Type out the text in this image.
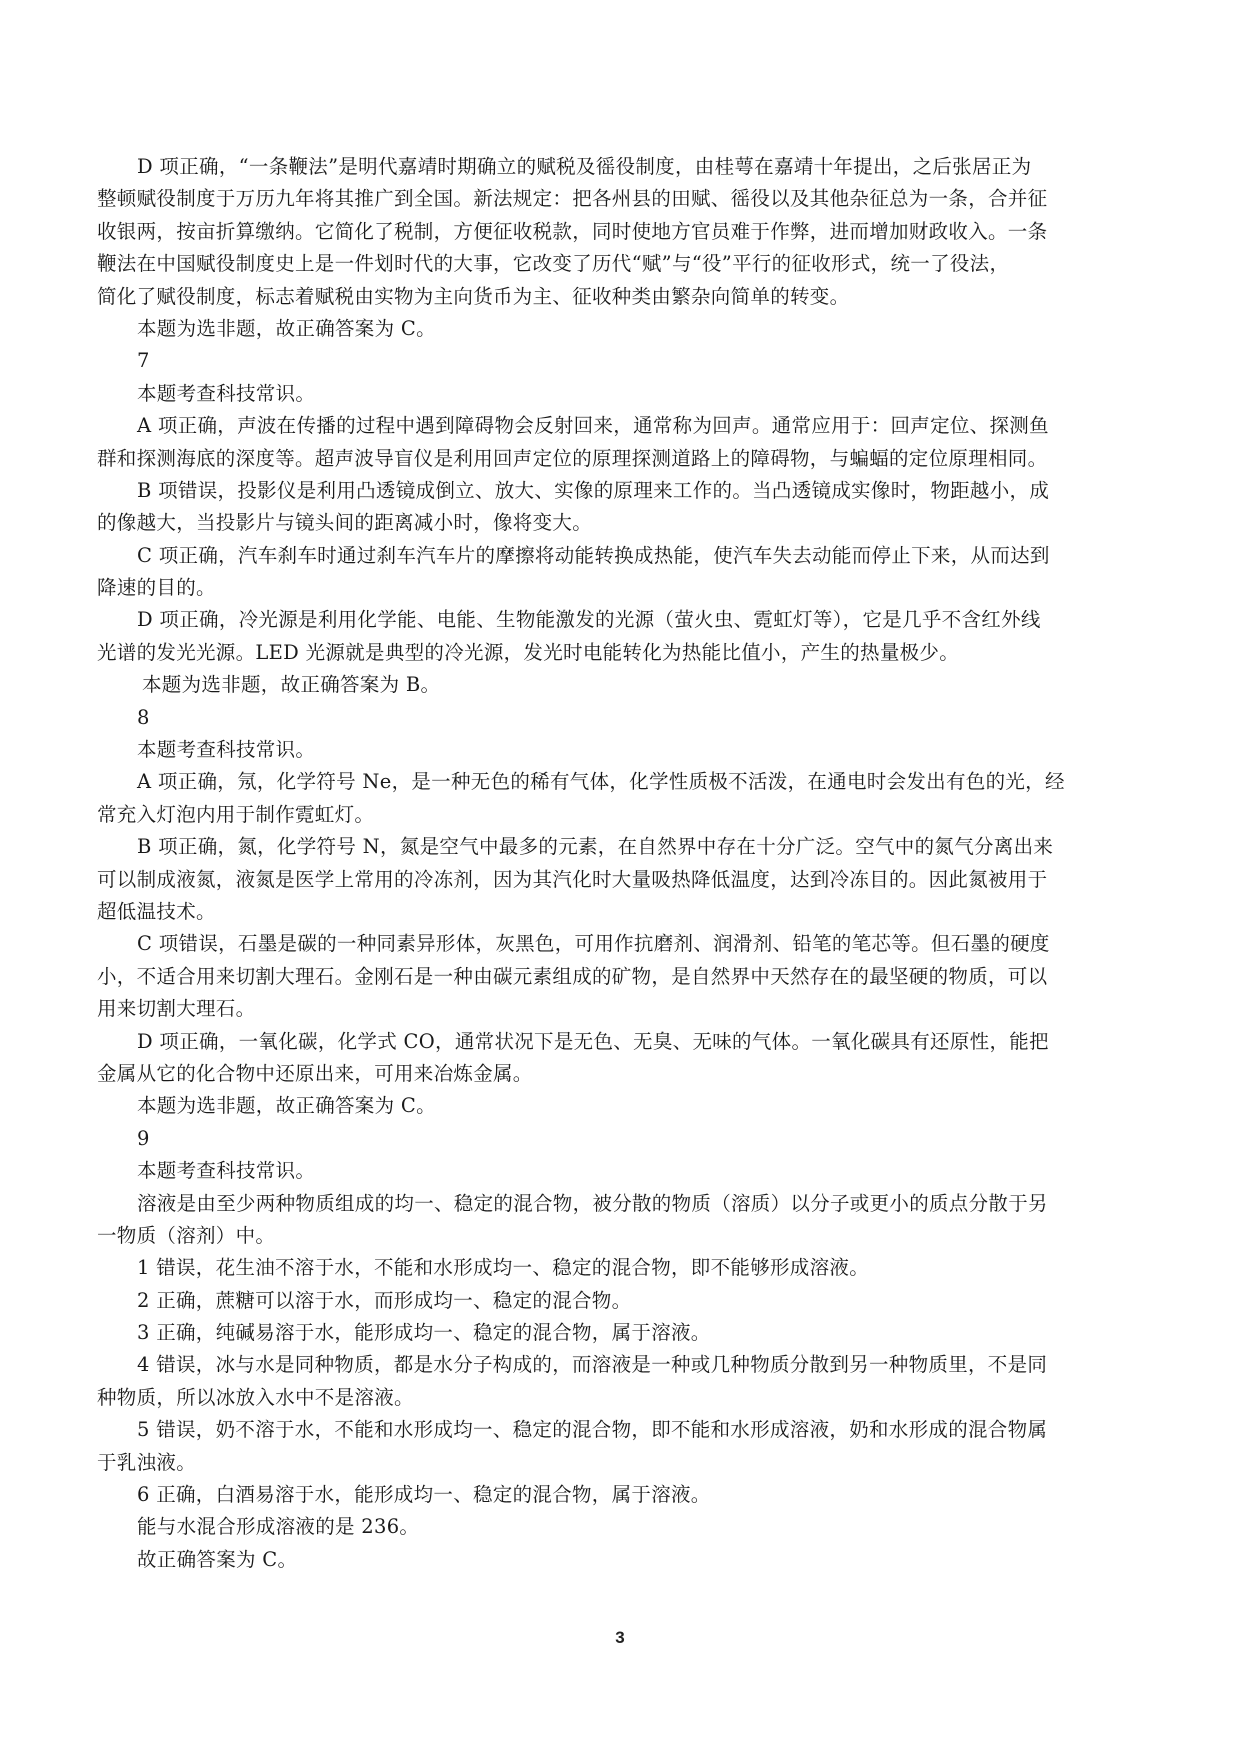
D 项正确，“一条鞭法”是明代嘉靖时期确立的赋税及徭役制度，由桂萼在嘉靖十年提出，之后张居正为
整顿赋役制度于万历九年将其推广到全国。新法规定：把各州县的田赋、徭役以及其他杂征总为一条，合并征
收银两，按亩折算缴纳。它简化了税制，方便征收税款，同时使地方官员难于作弊，进而增加财政收入。一条
鞭法在中国赋役制度史上是一件划时代的大事，它改变了历代“赋”与“役”平行的征收形式，统一了役法，
简化了赋役制度，标志着赋税由实物为主向货币为主、征收种类由繁杂向简单的转变。
本题为选非题，故正确答案为 C。
7
本题考查科技常识。
A 项正确，声波在传播的过程中遇到障碍物会反射回来，通常称为回声。通常应用于：回声定位、探测鱼
群和探测海底的深度等。超声波导盲仪是利用回声定位的原理探测道路上的障碍物，与蝙蝠的定位原理相同。
B 项错误，投影仪是利用凸透镜成倒立、放大、实像的原理来工作的。当凸透镜成实像时，物距越小，成
的像越大，当投影片与镜头间的距离减小时，像将变大。
C 项正确，汽车刹车时通过刹车汽车片的摩擦将动能转换成热能，使汽车失去动能而停止下来，从而达到
降速的目的。
D 项正确，冷光源是利用化学能、电能、生物能激发的光源（萤火虫、霓虹灯等），它是几乎不含红外线
光谱的发光光源。LED 光源就是典型的冷光源，发光时电能转化为热能比值小，产生的热量极少。
本题为选非题，故正确答案为 B。
8
本题考查科技常识。
A 项正确，氖，化学符号 Ne，是一种无色的稀有气体，化学性质极不活泼，在通电时会发出有色的光，经
常充入灯泡内用于制作霓虹灯。
B 项正确，氮，化学符号 N，氮是空气中最多的元素，在自然界中存在十分广泛。空气中的氮气分离出来
可以制成液氮，液氮是医学上常用的冷冻剂，因为其汽化时大量吸热降低温度，达到冷冻目的。因此氮被用于
超低温技术。
C 项错误，石墨是碳的一种同素异形体，灰黑色，可用作抗磨剂、润滑剂、铅笔的笔芯等。但石墨的硬度
小，不适合用来切割大理石。金刚石是一种由碳元素组成的矿物，是自然界中天然存在的最坚硬的物质，可以
用来切割大理石。
D 项正确，一氧化碳，化学式 CO，通常状况下是无色、无臭、无味的气体。一氧化碳具有还原性，能把
金属从它的化合物中还原出来，可用来冶炼金属。
本题为选非题，故正确答案为 C。
9
本题考查科技常识。
溶液是由至少两种物质组成的均一、稳定的混合物，被分散的物质（溶质）以分子或更小的质点分散于另
一物质（溶剂）中。
1 错误，花生油不溶于水，不能和水形成均一、稳定的混合物，即不能够形成溶液。
2 正确，蔗糖可以溶于水，而形成均一、稳定的混合物。
3 正确，纯碱易溶于水，能形成均一、稳定的混合物，属于溶液。
4 错误，冰与水是同种物质，都是水分子构成的，而溶液是一种或几种物质分散到另一种物质里，不是同
种物质，所以冰放入水中不是溶液。
5 错误，奶不溶于水，不能和水形成均一、稳定的混合物，即不能和水形成溶液，奶和水形成的混合物属
于乳浊液。
6 正确，白酒易溶于水，能形成均一、稳定的混合物，属于溶液。
能与水混合形成溶液的是 236。
故正确答案为 C。
3
